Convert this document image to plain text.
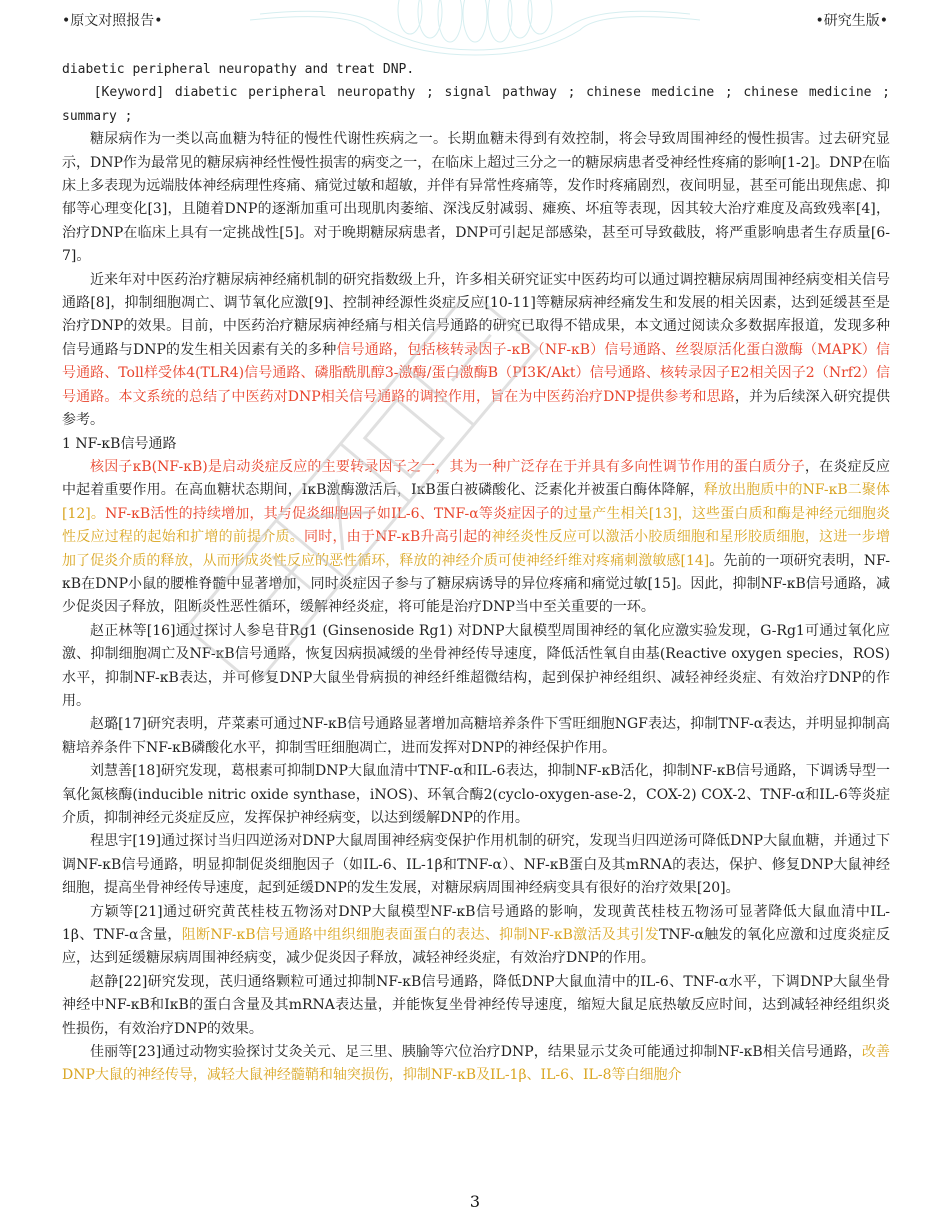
•原文对照报告•	•研究生版•

diabetic peripheral neuropathy and treat DNP.

　　[Keyword] diabetic peripheral neuropathy ; signal pathway ; chinese medicine ; chinese medicine ; summary ;

糖尿病作为一类以高血糖为特征的慢性代谢性疾病之一。长期血糖未得到有效控制，将会导致周围神经的慢性损害。过去研究显示，DNP作为最常见的糖尿病神经性慢性损害的病变之一，在临床上超过三分之一的糖尿病患者受神经性疼痛的影响[1-2]。DNP在临床上多表现为远端肢体神经病理性疼痛、痛觉过敏和超敏，并伴有异常性疼痛等，发作时疼痛剧烈，夜间明显，甚至可能出现焦虑、抑郁等心理变化[3]，且随着DNP的逐渐加重可出现肌肉萎缩、深浅反射减弱、瘫痪、坏疽等表现，因其较大治疗难度及高致残率[4]，治疗DNP在临床上具有一定挑战性[5]。对于晚期糖尿病患者，DNP可引起足部感染，甚至可导致截肢，将严重影响患者生存质量[6-7]。

近来年对中医药治疗糖尿病神经痛机制的研究指数级上升，许多相关研究证实中医药均可以通过调控糖尿病周围神经病变相关信号通路[8]，抑制细胞凋亡、调节氧化应激[9]、控制神经源性炎症反应[10-11]等糖尿病神经痛发生和发展的相关因素，达到延缓甚至是治疗DNP的效果。目前，中医药治疗糖尿病神经痛与相关信号通路的研究已取得不错成果，本文通过阅读众多数据库报道，发现多种信号通路与DNP的发生相关因素有关的多种信号通路，包括核转录因子-κB（NF-κB）信号通路、丝裂原活化蛋白激酶（MAPK）信号通路、Toll样受体4(TLR4)信号通路、磷脂酰肌醇3-激酶/蛋白激酶B（PI3K/Akt）信号通路、核转录因子E2相关因子2（Nrf2）信号通路。本文系统的总结了中医药对DNP相关信号通路的调控作用，旨在为中医药治疗DNP提供参考和思路，并为后续深入研究提供参考。

1 NF-κB信号通路

核因子κB(NF-κB)是启动炎症反应的主要转录因子之一，其为一种广泛存在于并具有多向性调节作用的蛋白质分子，在炎症反应中起着重要作用。在高血糖状态期间，IκB激酶激活后，IκB蛋白被磷酸化、泛素化并被蛋白酶体降解，释放出胞质中的NF-κB二聚体[12]。NF-κB活性的持续增加，其与促炎细胞因子如IL-6、TNF-α等炎症因子的过量产生相关[13]，这些蛋白质和酶是神经元细胞炎性反应过程的起始和扩增的前提介质。同时，由于NF-κB升高引起的神经炎性反应可以激活小胶质细胞和星形胶质细胞，这进一步增加了促炎介质的释放，从而形成炎性反应的恶性循环，释放的神经介质可使神经纤维对疼痛刺激敏感[14]。先前的一项研究表明，NF-κB在DNP小鼠的腰椎脊髓中显著增加，同时炎症因子参与了糖尿病诱导的异位疼痛和痛觉过敏[15]。因此，抑制NF-κB信号通路，减少促炎因子释放，阻断炎性恶性循环，缓解神经炎症，将可能是治疗DNP当中至关重要的一环。

赵正林等[16]通过探讨人参皂苷Rg1 (Ginsenoside Rg1) 对DNP大鼠模型周围神经的氧化应激实验发现，G-Rg1可通过氧化应激、抑制细胞凋亡及NF-κB信号通路，恢复因病损减缓的坐骨神经传导速度，降低活性氧自由基(Reactive oxygen species，ROS)水平，抑制NF-κB表达，并可修复DNP大鼠坐骨病损的神经纤维超微结构，起到保护神经组织、减轻神经炎症、有效治疗DNP的作用。

赵璐[17]研究表明，芹菜素可通过NF-κB信号通路显著增加高糖培养条件下雪旺细胞NGF表达，抑制TNF-α表达，并明显抑制高糖培养条件下NF-κB磷酸化水平，抑制雪旺细胞凋亡，进而发挥对DNP的神经保护作用。

刘慧善[18]研究发现，葛根素可抑制DNP大鼠血清中TNF-α和IL-6表达，抑制NF-κB活化，抑制NF-κB信号通路，下调诱导型一氧化氮核酶(inducible nitric oxide synthase，iNOS)、环氧合酶2(cyclo-oxygen-ase-2，COX-2) COX-2、TNF-α和IL-6等炎症介质，抑制神经元炎症反应，发挥保护神经病变，以达到缓解DNP的作用。

程思宇[19]通过探讨当归四逆汤对DNP大鼠周围神经病变保护作用机制的研究，发现当归四逆汤可降低DNP大鼠血糖，并通过下调NF-κB信号通路，明显抑制促炎细胞因子（如IL-6、IL-1β和TNF-α）、NF-κB蛋白及其mRNA的表达，保护、修复DNP大鼠神经细胞，提高坐骨神经传导速度，起到延缓DNP的发生发展，对糖尿病周围神经病变具有很好的治疗效果[20]。

方颖等[21]通过研究黄芪桂枝五物汤对DNP大鼠模型NF-κB信号通路的影响，发现黄芪桂枝五物汤可显著降低大鼠血清中IL-1β、TNF-α含量，阻断NF-κB信号通路中组织细胞表面蛋白的表达、抑制NF-κB激活及其引发TNF-α触发的氧化应激和过度炎症反应，达到延缓糖尿病周围神经病变，减少促炎因子释放，减轻神经炎症，有效治疗DNP的作用。

赵静[22]研究发现，芪归通络颗粒可通过抑制NF-κB信号通路，降低DNP大鼠血清中的IL-6、TNF-α水平，下调DNP大鼠坐骨神经中NF-κB和IκB的蛋白含量及其mRNA表达量，并能恢复坐骨神经传导速度，缩短大鼠足底热敏反应时间，达到减轻神经组织炎性损伤，有效治疗DNP的效果。

佳丽等[23]通过动物实验探讨艾灸关元、足三里、胰腧等穴位治疗DNP，结果显示艾灸可能通过抑制NF-κB相关信号通路，改善DNP大鼠的神经传导，减轻大鼠神经髓鞘和轴突损伤，抑制NF-κB及IL-1β、IL-6、IL-8等白细胞介

3
